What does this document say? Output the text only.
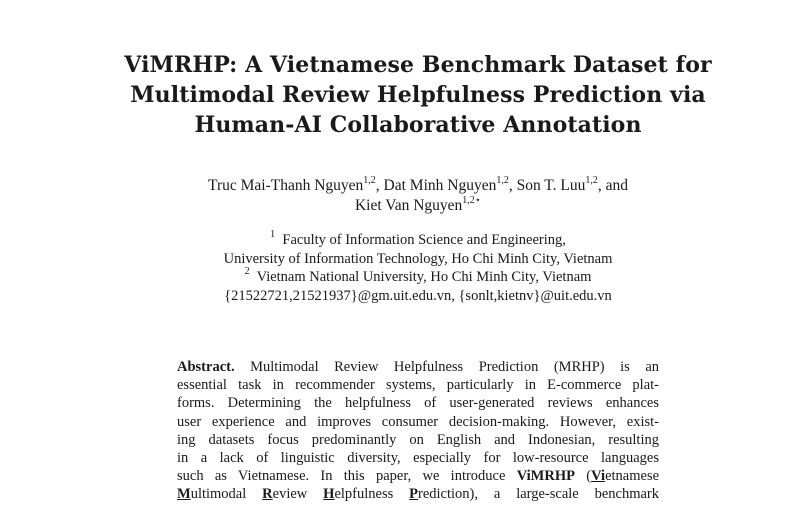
ViMRHP: A Vietnamese Benchmark Dataset for
Multimodal Review Helpfulness Prediction via
Human-AI Collaborative Annotation
Truc Mai-Thanh Nguyen$^{1,2}$, Dat Minh Nguyen$^{1,2}$, Son T. Luu$^{1,2}$, and
Kiet Van Nguyen$^{1,2⋆}$
$^1$ Faculty of Information Science and Engineering,
University of Information Technology, Ho Chi Minh City, Vietnam
$^2$ Vietnam National University, Ho Chi Minh City, Vietnam
{21522721,21521937}@gm.uit.edu.vn, {sonlt,kietnv}@uit.edu.vn
Abstract. Multimodal Review Helpfulness Prediction (MRHP) is an
essential task in recommender systems, particularly in E-commerce plat-
forms. Determining the helpfulness of user-generated reviews enhances
user experience and improves consumer decision-making. However, exist-
ing datasets focus predominantly on English and Indonesian, resulting
in a lack of linguistic diversity, especially for low-resource languages
such as Vietnamese. In this paper, we introduce ViMRHP (Vietnamese
Multimodal Review Helpfulness Prediction), a large-scale benchmark
